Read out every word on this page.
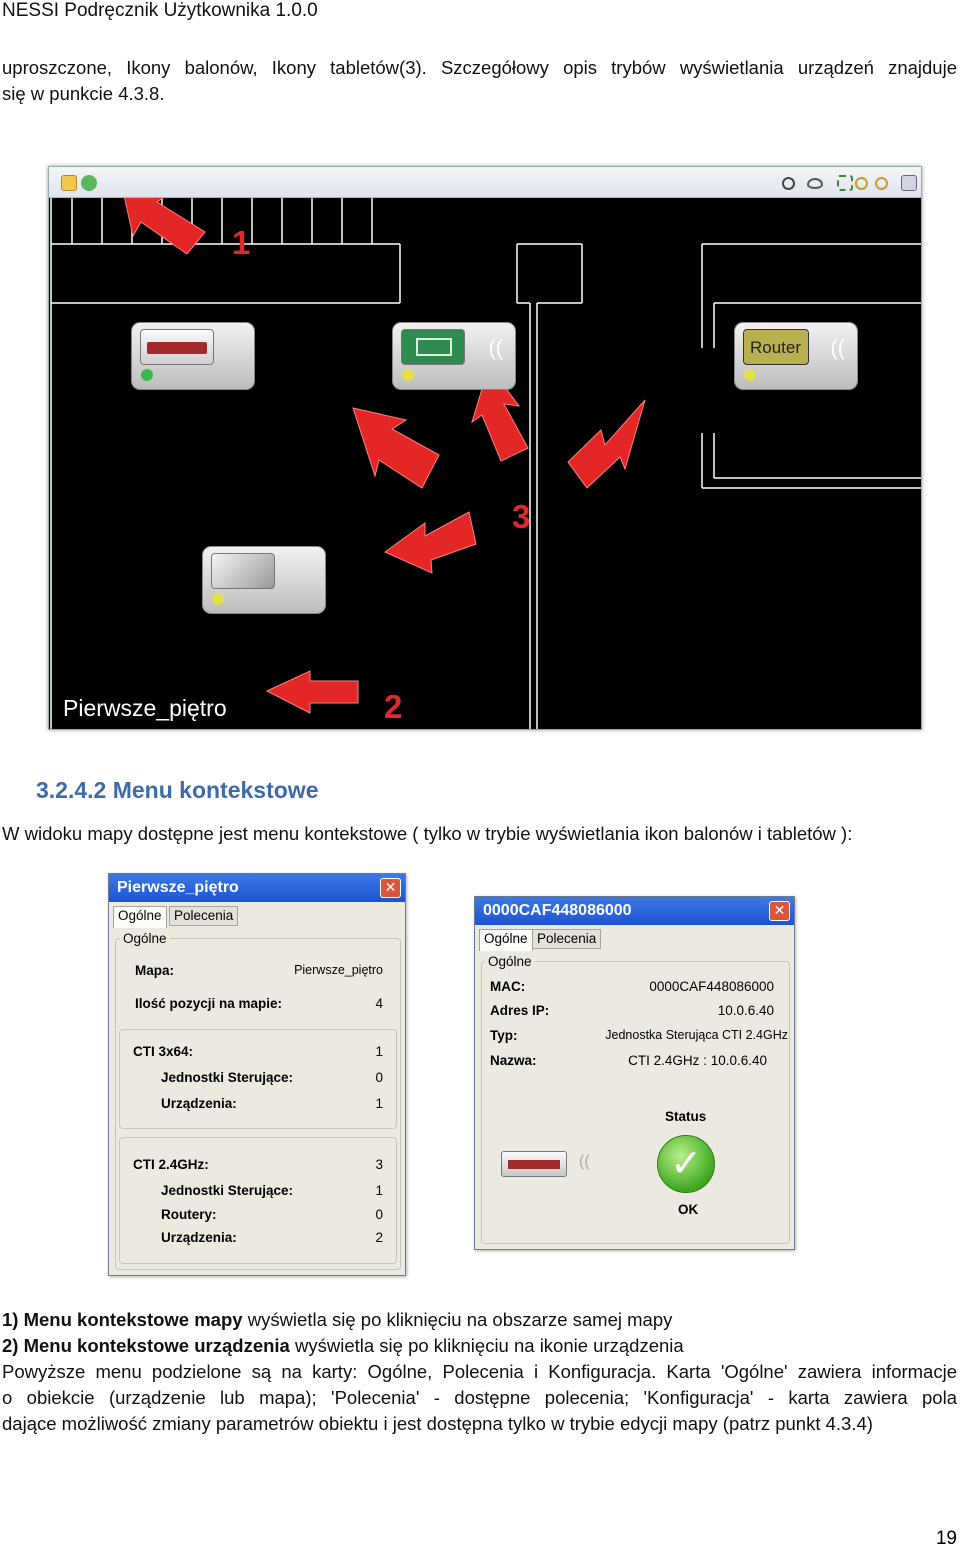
NESSI Podręcznik Użytkownika 1.0.0
uproszczone, Ikony balonów, Ikony tabletów(3). Szczegółowy opis trybów wyświetlania urządzeń znajduje
się w punkcie 4.3.8.
1
2
3
((	Router ((
Pierwsze_piętro
3.2.4.2 Menu kontekstowe
W widoku mapy dostępne jest menu kontekstowe ( tylko w trybie wyświetlania ikon balonów i tabletów ):
Pierwsze_piętro	✕
Ogólne Polecenia
Ogólne
Mapa:	Pierwsze_piętro
Ilość pozycji na mapie:	4
CTI 3x64:	1
Jednostki Sterujące:	0
Urządzenia:	1
CTI 2.4GHz:	3
Jednostki Sterujące:	1
Routery:	0
Urządzenia:	2
0000CAF448086000	✕
Ogólne Polecenia
Ogólne
MAC:	0000CAF448086000
Adres IP:	10.0.6.40
Typ:	Jednostka Sterująca CTI 2.4GHz
Nazwa:	CTI 2.4GHz : 10.0.6.40
Status
((	✓
OK
1) Menu kontekstowe mapy wyświetla się po kliknięciu na obszarze samej mapy
2) Menu kontekstowe urządzenia wyświetla się po kliknięciu na ikonie urządzenia
Powyższe menu podzielone są na karty: Ogólne, Polecenia i Konfiguracja. Karta 'Ogólne' zawiera informacje
o obiekcie (urządzenie lub mapa); 'Polecenia' - dostępne polecenia; 'Konfiguracja' - karta zawiera pola
dające możliwość zmiany parametrów obiektu i jest dostępna tylko w trybie edycji mapy (patrz punkt 4.3.4)
19
